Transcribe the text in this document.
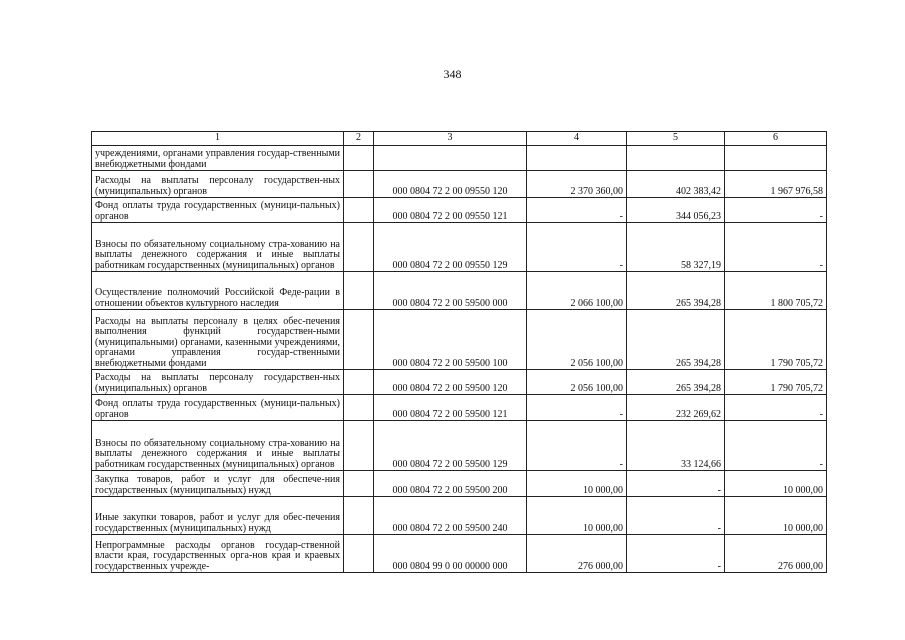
348
1	2	3	4	5	6
учреждениями, органами управления государ-ственными внебюджетными фондами					
Расходы на выплаты персоналу государствен-ных (муниципальных) органов		000 0804 72 2 00 09550 120	2 370 360,00	402 383,42	1 967 976,58
Фонд оплаты труда государственных (муници-пальных) органов		000 0804 72 2 00 09550 121	-	344 056,23	-
Взносы по обязательному социальному стра-хованию на выплаты денежного содержания и иные выплаты работникам государственных (муниципальных) органов		000 0804 72 2 00 09550 129	-	58 327,19	-
Осуществление полномочий Российской Феде-рации в отношении объектов культурного наследия		000 0804 72 2 00 59500 000	2 066 100,00	265 394,28	1 800 705,72
Расходы на выплаты персоналу в целях обес-печения выполнения функций государствен-ными (муниципальными) органами, казенными учреждениями, органами управления государ-ственными внебюджетными фондами		000 0804 72 2 00 59500 100	2 056 100,00	265 394,28	1 790 705,72
Расходы на выплаты персоналу государствен-ных (муниципальных) органов		000 0804 72 2 00 59500 120	2 056 100,00	265 394,28	1 790 705,72
Фонд оплаты труда государственных (муници-пальных) органов		000 0804 72 2 00 59500 121	-	232 269,62	-
Взносы по обязательному социальному стра-хованию на выплаты денежного содержания и иные выплаты работникам государственных (муниципальных) органов		000 0804 72 2 00 59500 129	-	33 124,66	-
Закупка товаров, работ и услуг для обеспече-ния государственных (муниципальных) нужд		000 0804 72 2 00 59500 200	10 000,00	-	10 000,00
Иные закупки товаров, работ и услуг для обес-печения государственных (муниципальных) нужд		000 0804 72 2 00 59500 240	10 000,00	-	10 000,00
Непрограммные расходы органов государ-ственной власти края, государственных орга-нов края и краевых государственных учрежде-		000 0804 99 0 00 00000 000	276 000,00	-	276 000,00
